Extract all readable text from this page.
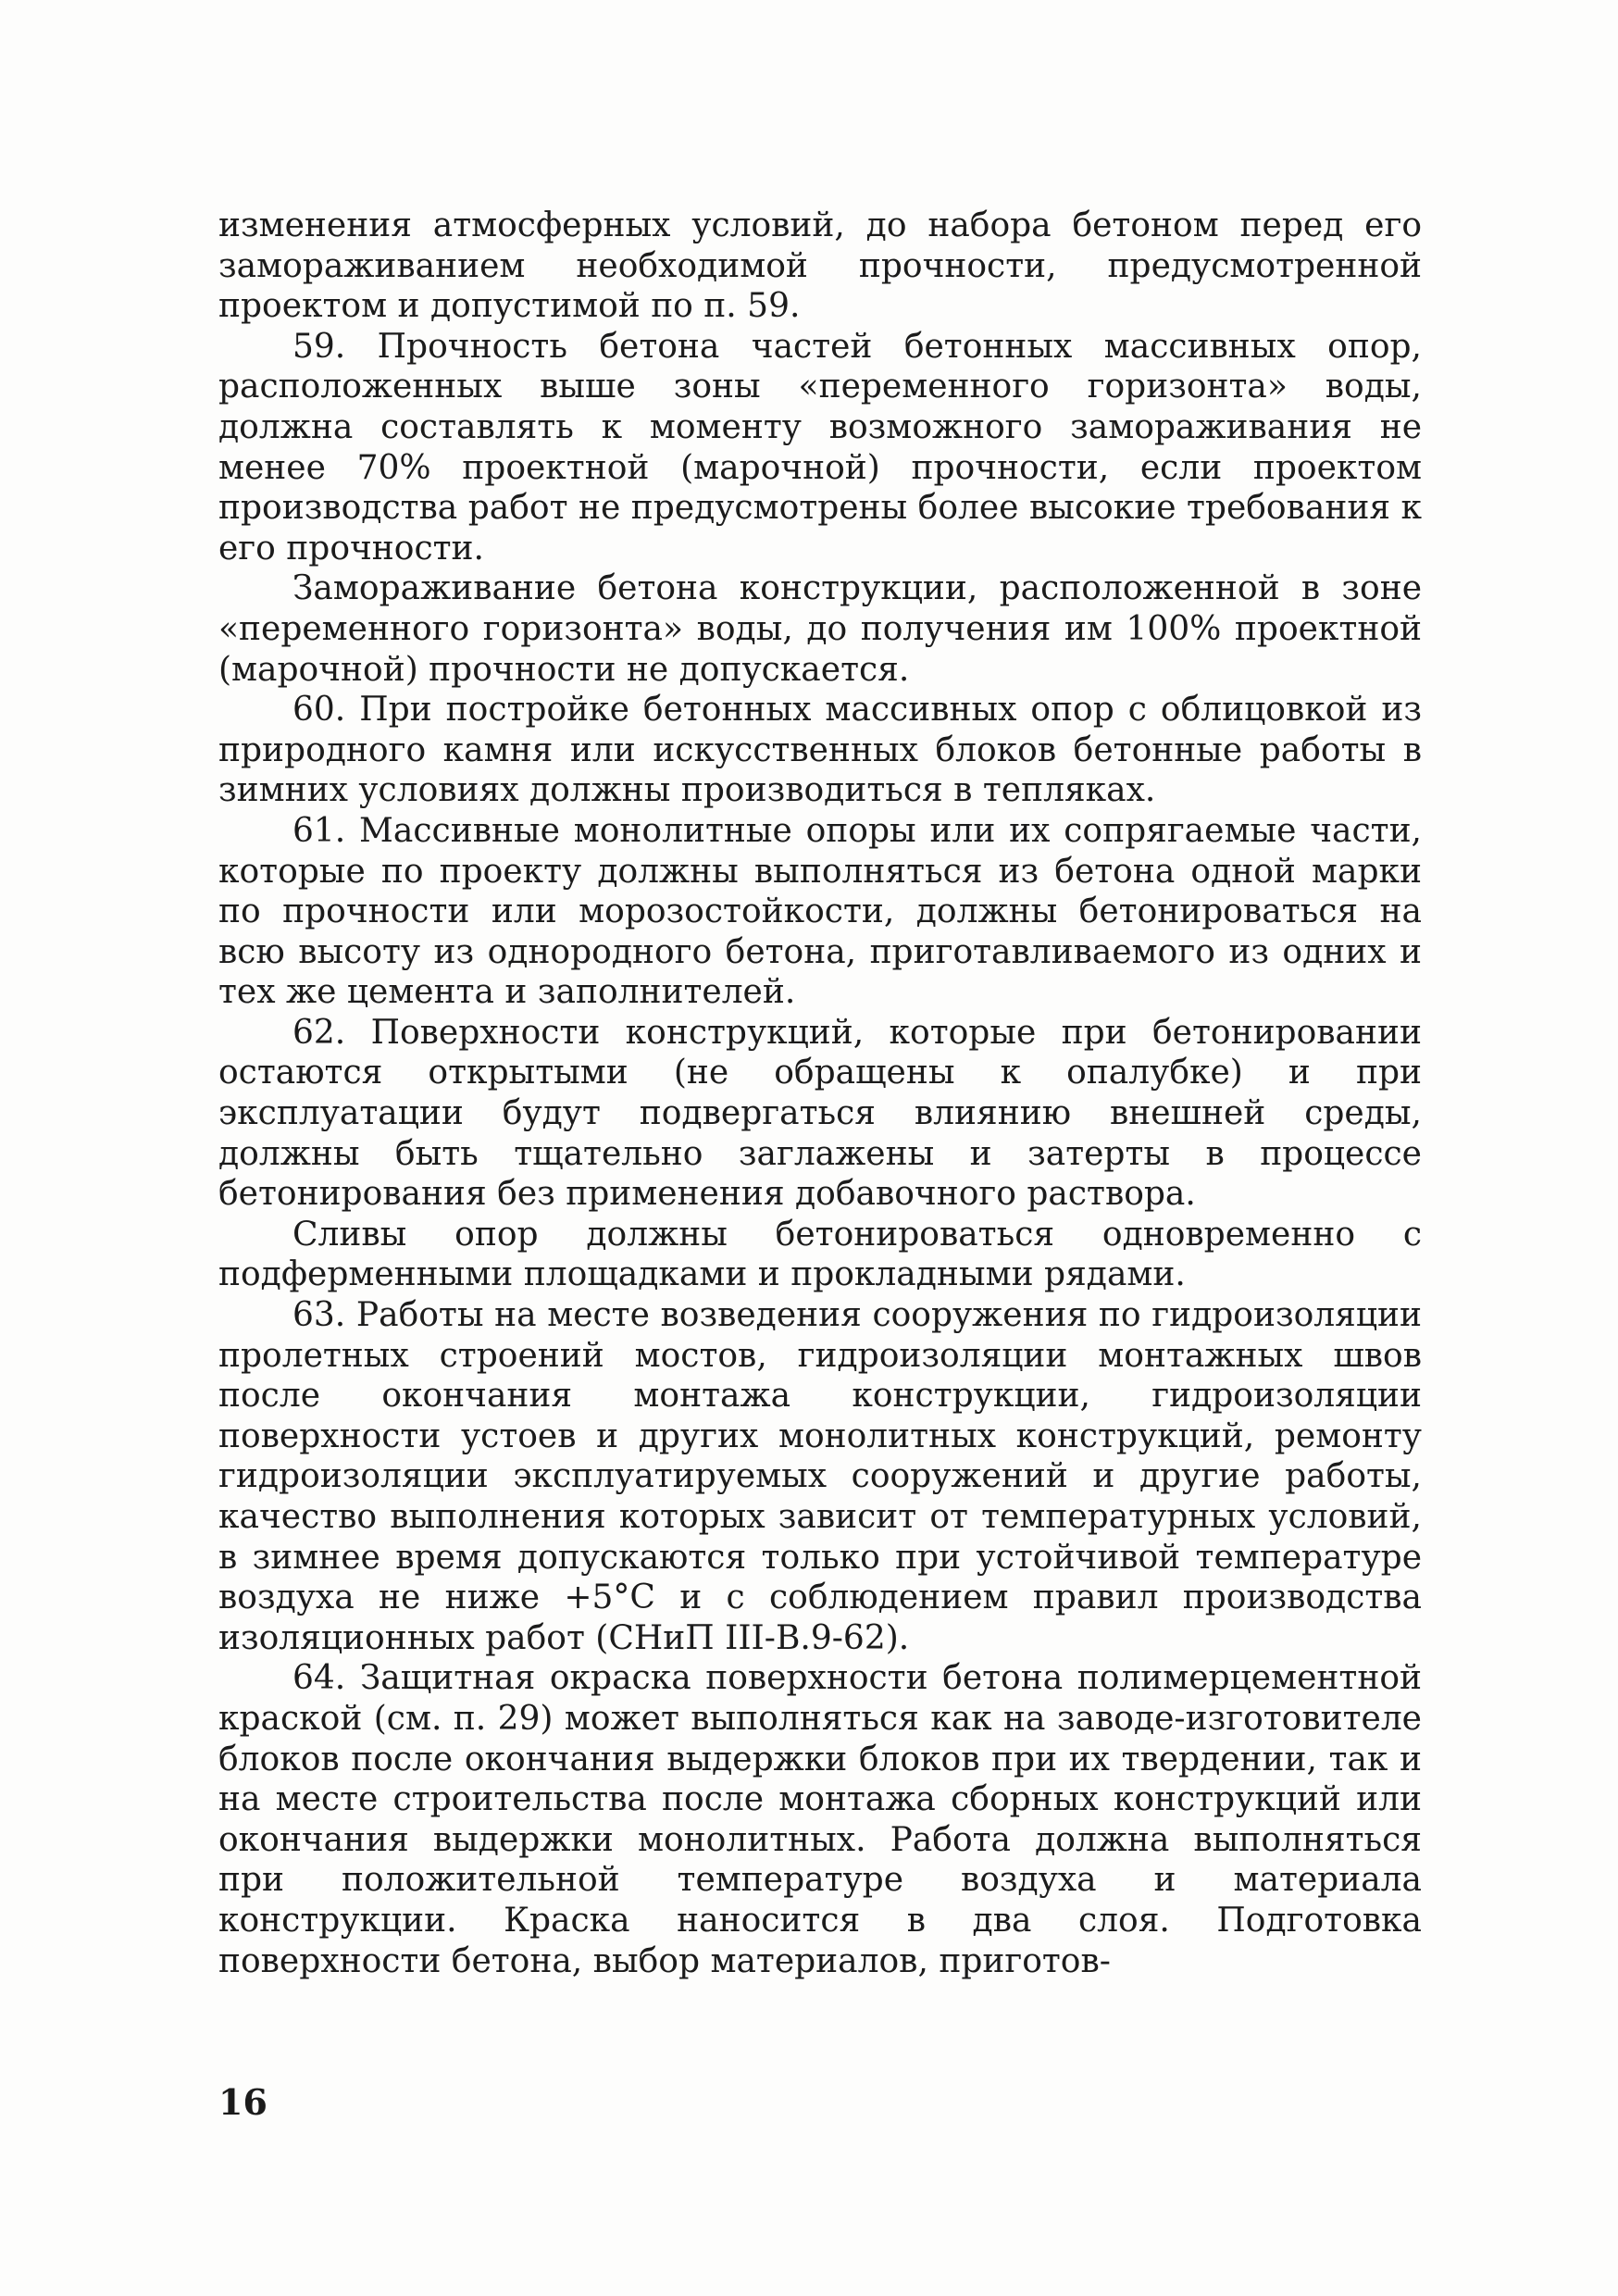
изменения атмосферных условий, до набора бетоном перед его замораживанием необходимой прочности, предусмотренной проектом и допустимой по п. 59.

59. Прочность бетона частей бетонных массивных опор, расположенных выше зоны «переменного горизонта» воды, должна составлять к моменту возможного замораживания не менее 70% проектной (марочной) прочности, если проектом производства работ не предусмотрены более высокие требования к его прочности.

Замораживание бетона конструкции, расположенной в зоне «переменного горизонта» воды, до получения им 100% проектной (марочной) прочности не допускается.

60. При постройке бетонных массивных опор с облицовкой из природного камня или искусственных блоков бетонные работы в зимних условиях должны производиться в тепляках.

61. Массивные монолитные опоры или их сопрягаемые части, которые по проекту должны выполняться из бетона одной марки по прочности или морозостойкости, должны бетонироваться на всю высоту из однородного бетона, приготавливаемого из одних и тех же цемента и заполнителей.

62. Поверхности конструкций, которые при бетонировании остаются открытыми (не обращены к опалубке) и при эксплуатации будут подвергаться влиянию внешней среды, должны быть тщательно заглажены и затерты в процессе бетонирования без применения добавочного раствора.

Сливы опор должны бетонироваться одновременно с подферменными площадками и прокладными рядами.

63. Работы на месте возведения сооружения по гидроизоляции пролетных строений мостов, гидроизоляции монтажных швов после окончания монтажа конструкции, гидроизоляции поверхности устоев и других монолитных конструкций, ремонту гидроизоляции эксплуатируемых сооружений и другие работы, качество выполнения которых зависит от температурных условий, в зимнее время допускаются только при устойчивой температуре воздуха не ниже +5°C и с соблюдением правил производства изоляционных работ (СНиП III-В.9-62).

64. Защитная окраска поверхности бетона полимерцементной краской (см. п. 29) может выполняться как на заводе-изготовителе блоков после окончания выдержки блоков при их твердении, так и на месте строительства после монтажа сборных конструкций или окончания выдержки монолитных. Работа должна выполняться при положительной температуре воздуха и материала конструкции. Краска наносится в два слоя. Подготовка поверхности бетона, выбор материалов, приготов-

16
